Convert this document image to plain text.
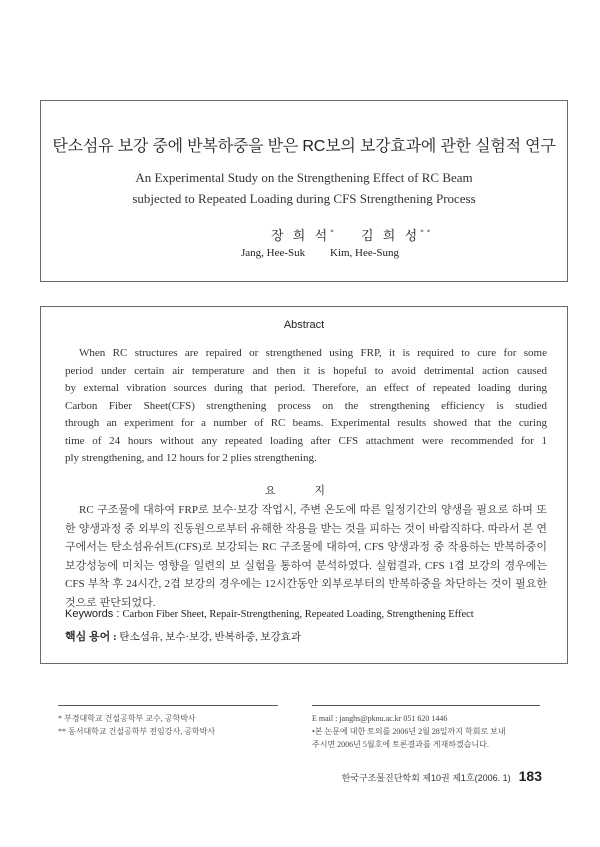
탄소섬유 보강 중에 반복하중을 받은 RC보의 보강효과에 관한 실험적 연구
An Experimental Study on the Strengthening Effect of RC Beam
subjected to Repeated Loading during CFS Strengthening Process
장 희 석* 김 희 성**
Jang, Hee-Suk Kim, Hee-Sung
Abstract
When RC structures are repaired or strengthened using FRP, it is required to cure for some
period under certain air temperature and then it is hopeful to avoid detrimental action caused
by external vibration sources during that period. Therefore, an effect of repeated loading during
Carbon Fiber Sheet(CFS) strengthening process on the strengthening efficiency is studied
through an experiment for a number of RC beams. Experimental results showed that the curing
time of 24 hours without any repeated loading after CFS attachment were recommended for 1
ply strengthening, and 12 hours for 2 plies strengthening.
요 지
RC 구조물에 대하여 FRP로 보수·보강 작업시, 주변 온도에 따른 일정기간의 양생을 필요로 하며 또
한 양생과정 중 외부의 진동원으로부터 유해한 작용을 받는 것을 피하는 것이 바람직하다. 따라서 본 연
구에서는 탄소섬유쉬트(CFS)로 보강되는 RC 구조물에 대하여, CFS 양생과정 중 작용하는 반복하중이
보강성능에 미치는 영향을 일련의 보 실험을 통하여 분석하였다. 실험결과, CFS 1겹 보강의 경우에는
CFS 부착 후 24시간, 2겹 보강의 경우에는 12시간동안 외부로부터의 반복하중을 차단하는 것이 필요한
것으로 판단되었다.
Keywords : Carbon Fiber Sheet, Repair-Strengthening, Repeated Loading, Strengthening Effect
핵심 용어 : 탄소섬유, 보수·보강, 반복하중, 보강효과
* 부경대학교 건설공학부 교수, 공학박사
** 동서대학교 건설공학부 전임강사, 공학박사
E mail : janghs@pknu.ac.kr 051 620 1446
•본 논문에 대한 토의를 2006년 2월 28일까지 학회로 보내
주시면 2006년 5월호에 토론결과를 게재하겠습니다.
한국구조물진단학회 제10권 제1호(2006. 1) 183
